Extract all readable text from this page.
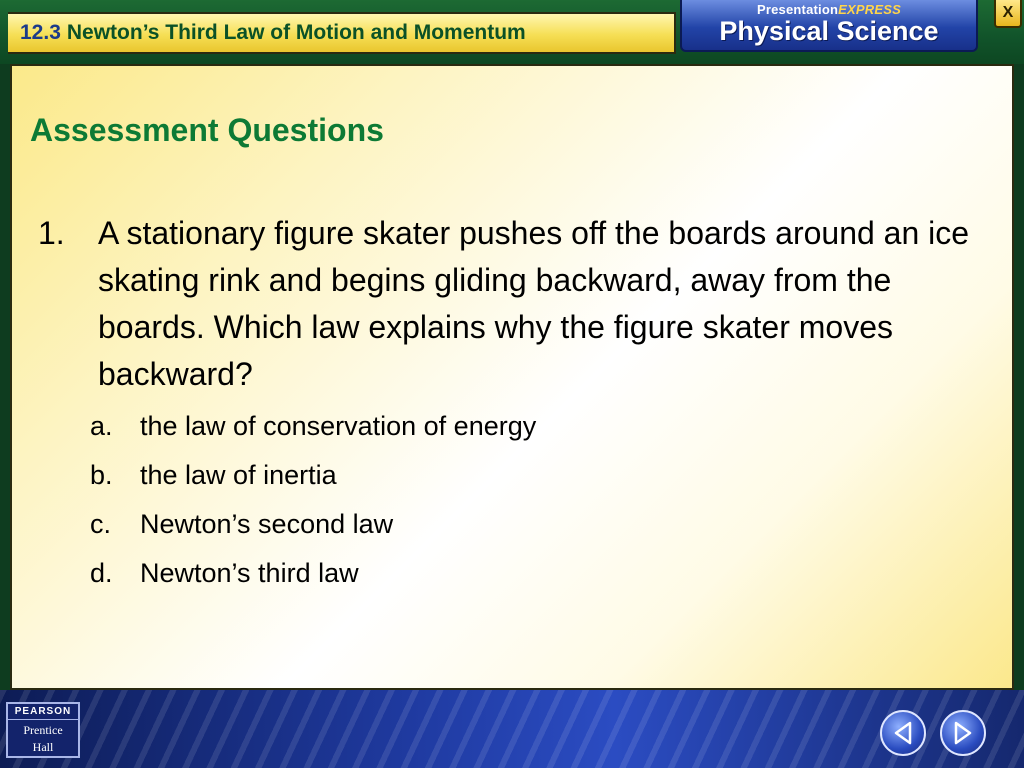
12.3 Newton’s Third Law of Motion and Momentum
PresentationEXPRESS
Physical Science
X
Assessment Questions
1. A stationary figure skater pushes off the boards around an ice skating rink and begins gliding backward, away from the boards. Which law explains why the figure skater moves backward?
a. the law of conservation of energy
b. the law of inertia
c. Newton’s second law
d. Newton’s third law
PEARSON
Prentice
Hall
